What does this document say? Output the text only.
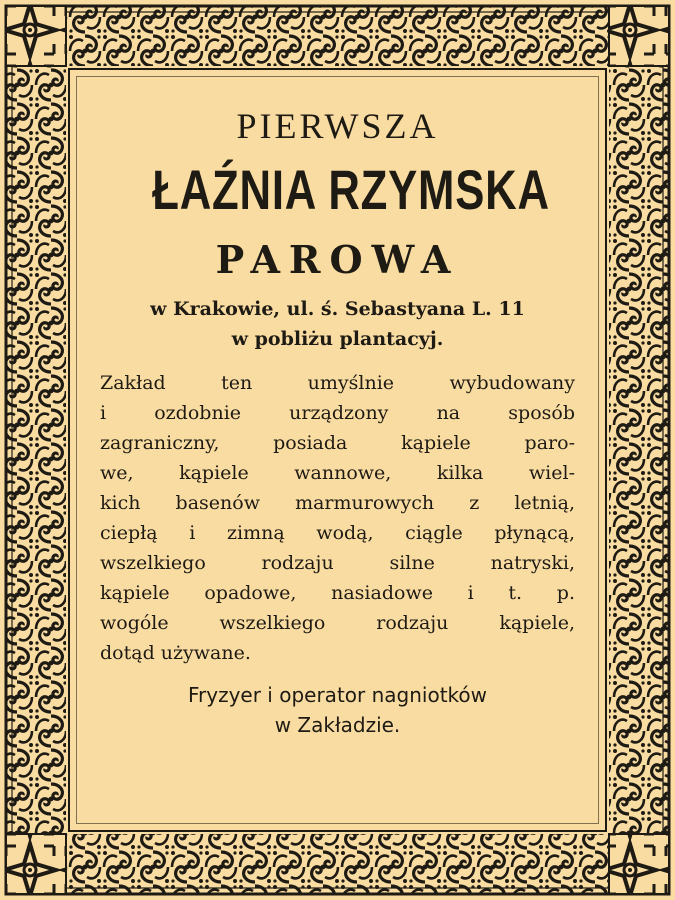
PIERWSZA
ŁAŹNIA RZYMSKA
PAROWA
w Krakowie, ul. ś. Sebastyana L. 11
w pobliżu plantacyj.
Zakład ten umyślnie wybudowany
i ozdobnie urządzony na sposób
zagraniczny, posiada kąpiele paro-
we, kąpiele wannowe, kilka wiel-
kich basenów marmurowych z letnią,
ciepłą i zimną wodą, ciągle płynącą,
wszelkiego rodzaju silne natryski,
kąpiele opadowe, nasiadowe i t. p.
wogóle wszelkiego rodzaju kąpiele,
dotąd używane.
Fryzyer i operator nagniotków
w Zakładzie.
